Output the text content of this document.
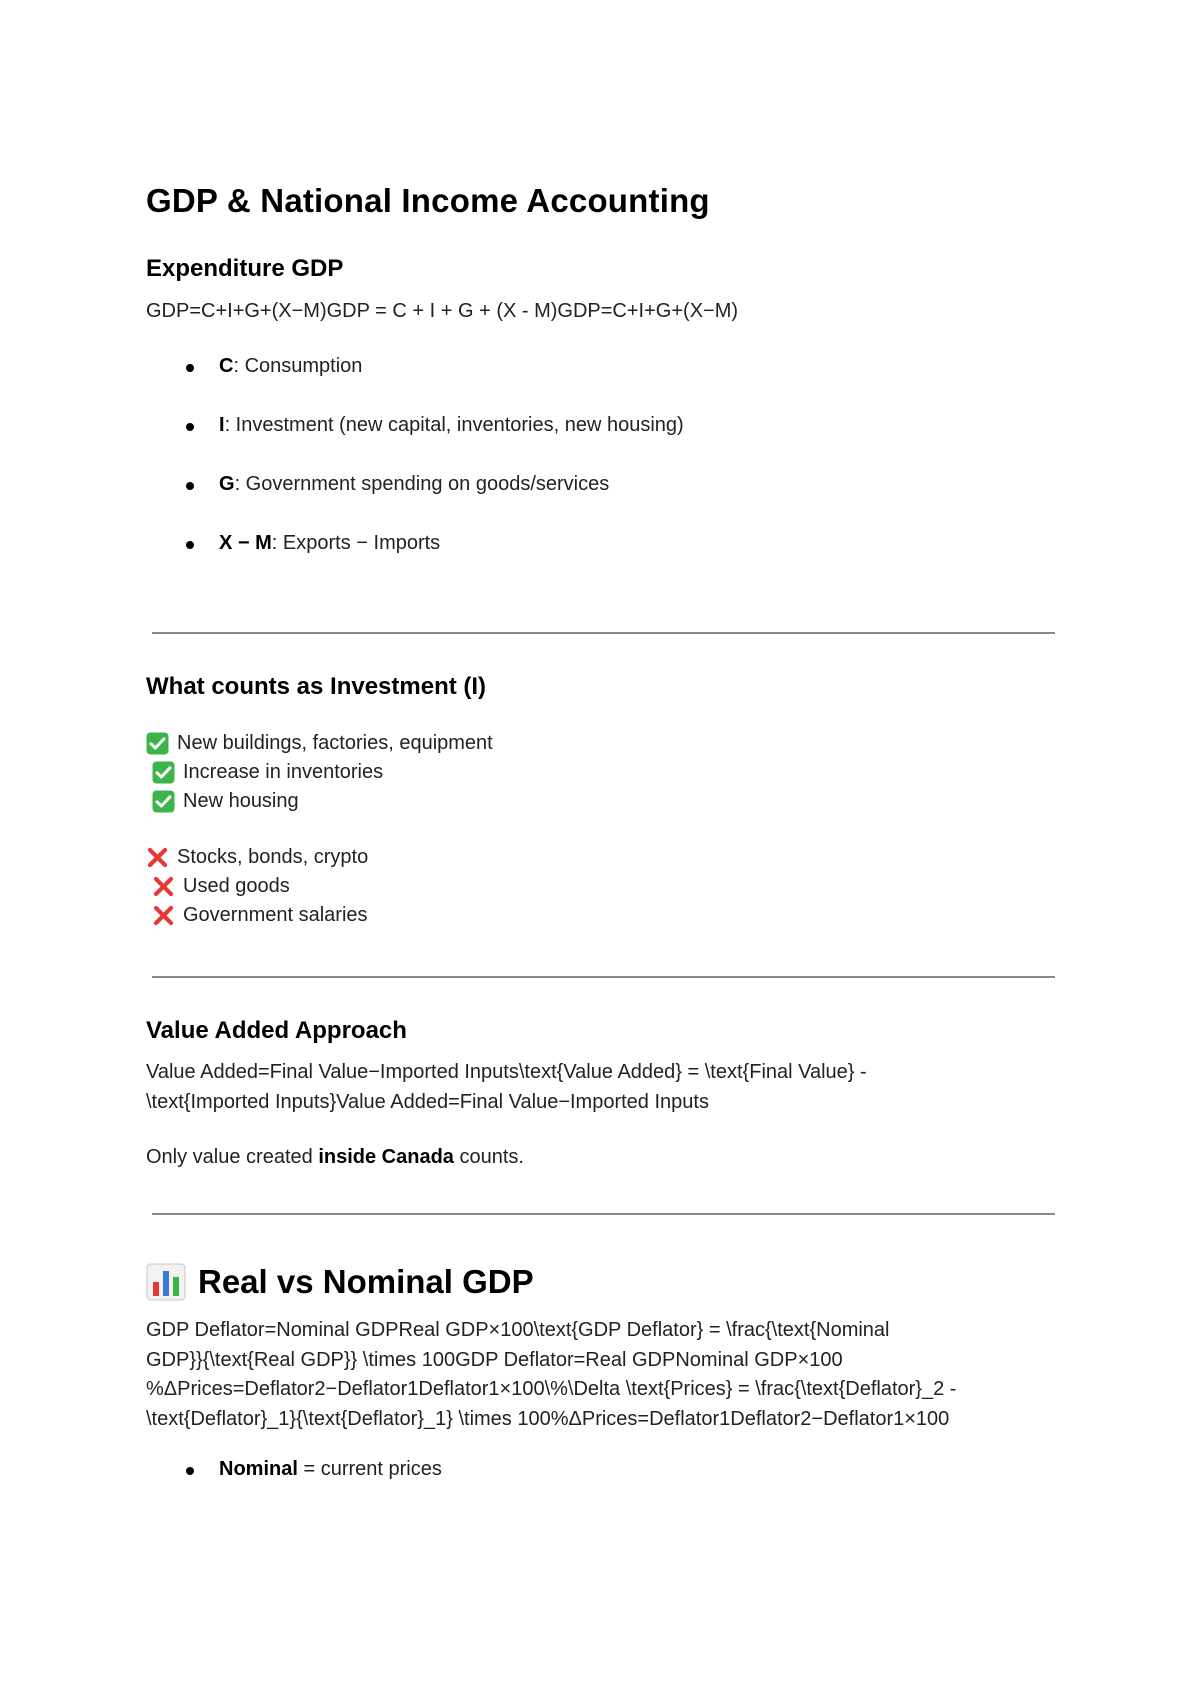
GDP & National Income Accounting
Expenditure GDP
GDP=C+I+G+(X−M)GDP = C + I + G + (X - M)GDP=C+I+G+(X−M)
C: Consumption
I: Investment (new capital, inventories, new housing)
G: Government spending on goods/services
X − M: Exports − Imports
What counts as Investment (I)
New buildings, factories, equipment
Increase in inventories
New housing
Stocks, bonds, crypto
Used goods
Government salaries
Value Added Approach
Value Added=Final Value−Imported Inputs\text{Value Added} = \text{Final Value} -
\text{Imported Inputs}Value Added=Final Value−Imported Inputs
Only value created inside Canada counts.
Real vs Nominal GDP
GDP Deflator=Nominal GDPReal GDP×100\text{GDP Deflator} = \frac{\text{Nominal
GDP}}{\text{Real GDP}} \times 100GDP Deflator=Real GDPNominal GDP×100
%ΔPrices=Deflator2−Deflator1Deflator1×100\%\Delta \text{Prices} = \frac{\text{Deflator}_2 -
\text{Deflator}_1}{\text{Deflator}_1} \times 100%ΔPrices=Deflator1Deflator2−Deflator1×100
Nominal = current prices
